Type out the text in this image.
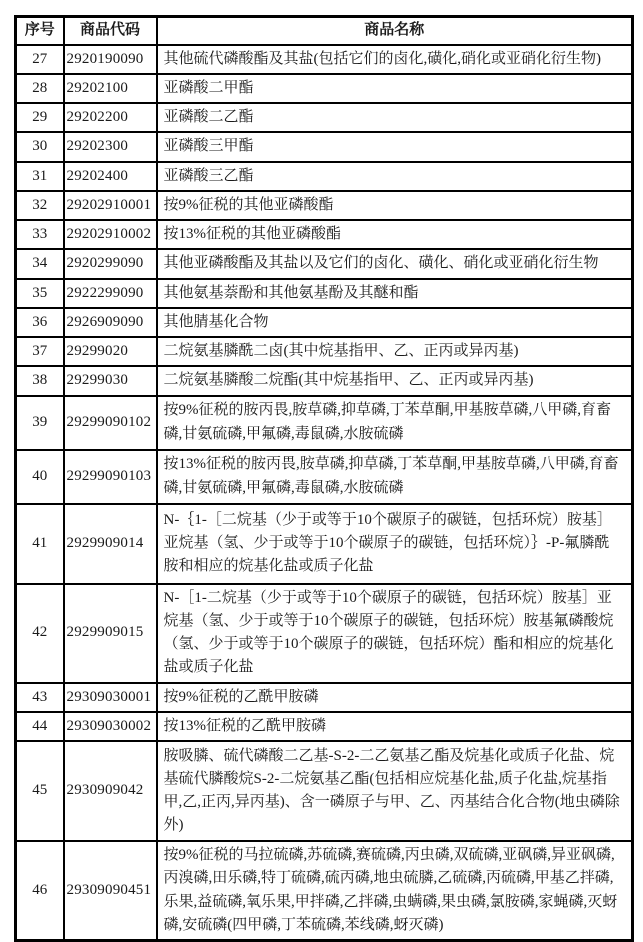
序号	商品代码	商品名称
27	2920190090	其他硫代磷酸酯及其盐(包括它们的卤化,磺化,硝化或亚硝化衍生物)
28	29202100	亚磷酸二甲酯
29	29202200	亚磷酸二乙酯
30	29202300	亚磷酸三甲酯
31	29202400	亚磷酸三乙酯
32	29202910001	按9%征税的其他亚磷酸酯
33	29202910002	按13%征税的其他亚磷酸酯
34	2920299090	其他亚磷酸酯及其盐以及它们的卤化、磺化、硝化或亚硝化衍生物
35	2922299090	其他氨基萘酚和其他氨基酚及其醚和酯
36	2926909090	其他腈基化合物
37	29299020	二烷氨基膦酰二卤(其中烷基指甲、乙、正丙或异丙基)
38	29299030	二烷氨基膦酸二烷酯(其中烷基指甲、乙、正丙或异丙基)
39	29299090102	按9%征税的胺丙畏,胺草磷,抑草磷,丁苯草酮,甲基胺草磷,八甲磷,育畜磷,甘氨硫磷,甲氟磷,毒鼠磷,水胺硫磷
40	29299090103	按13%征税的胺丙畏,胺草磷,抑草磷,丁苯草酮,甲基胺草磷,八甲磷,育畜磷,甘氨硫磷,甲氟磷,毒鼠磷,水胺硫磷
41	2929909014	N-｛1-［二烷基（少于或等于10个碳原子的碳链，包括环烷）胺基］亚烷基（氢、少于或等于10个碳原子的碳链，包括环烷）｝-P-氟膦酰胺和相应的烷基化盐或质子化盐
42	2929909015	N-［1-二烷基（少于或等于10个碳原子的碳链，包括环烷）胺基］亚烷基（氢、少于或等于10个碳原子的碳链，包括环烷）胺基氟磷酸烷（氢、少于或等于10个碳原子的碳链，包括环烷）酯和相应的烷基化盐或质子化盐
43	29309030001	按9%征税的乙酰甲胺磷
44	29309030002	按13%征税的乙酰甲胺磷
45	2930909042	胺吸膦、硫代磷酸二乙基-S-2-二乙氨基乙酯及烷基化或质子化盐、烷基硫代膦酸烷S-2-二烷氨基乙酯(包括相应烷基化盐,质子化盐,烷基指甲,乙,正丙,异丙基)、含一磷原子与甲、乙、丙基结合化合物(地虫磷除外)
46	29309090451	按9%征税的马拉硫磷,苏硫磷,赛硫磷,丙虫磷,双硫磷,亚砜磷,异亚砜磷,丙溴磷,田乐磷,特丁硫磷,硫丙磷,地虫硫膦,乙硫磷,丙硫磷,甲基乙拌磷,乐果,益硫磷,氧乐果,甲拌磷,乙拌磷,虫螨磷,果虫磷,氯胺磷,家蝇磷,灭蚜磷,安硫磷(四甲磷,丁苯硫磷,苯线磷,蚜灭磷)
